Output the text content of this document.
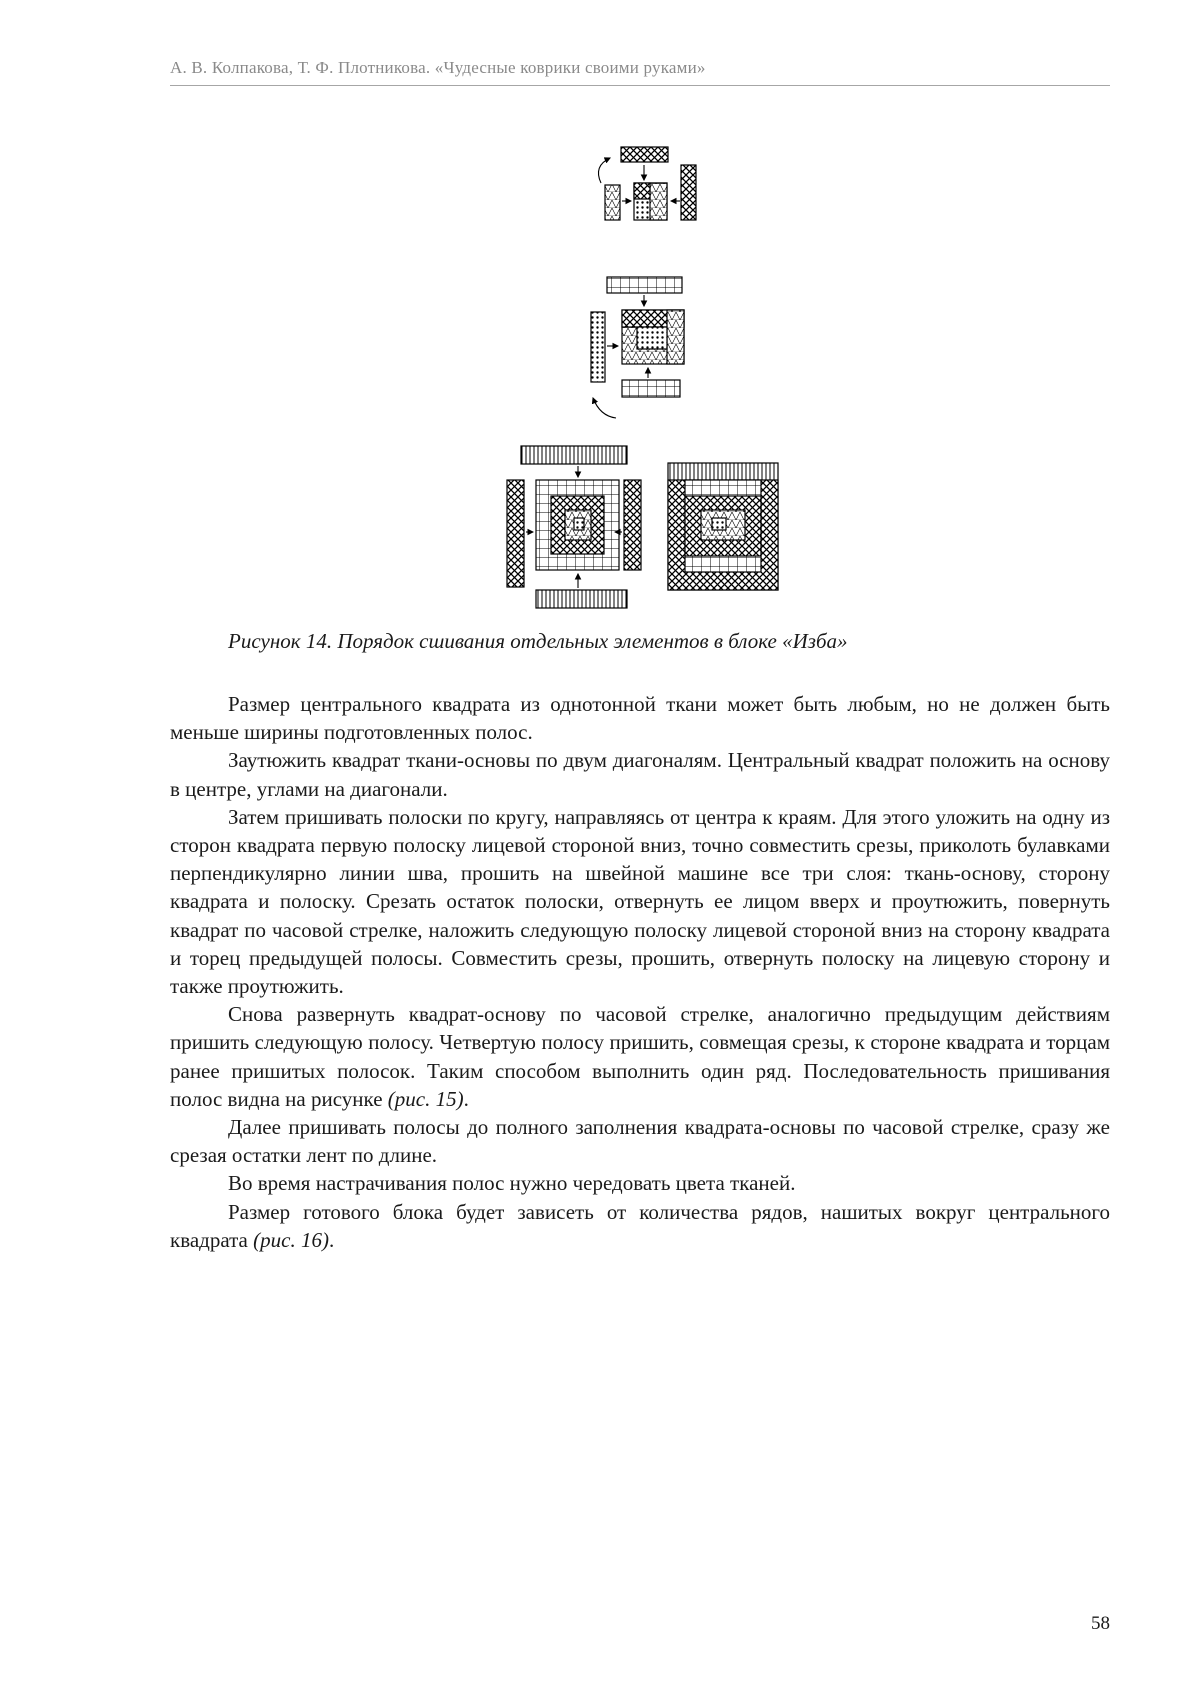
А. В. Колпакова, Т. Ф. Плотникова. «Чудесные коврики своими руками»
Рисунок 14. Порядок сшивания отдельных элементов в блоке «Изба»

Размер центрального квадрата из однотонной ткани может быть любым, но не должен быть меньше ширины подготовленных полос.

Заутюжить квадрат ткани-основы по двум диагоналям. Центральный квадрат положить на основу в центре, углами на диагонали.

Затем пришивать полоски по кругу, направляясь от центра к краям. Для этого уложить на одну из сторон квадрата первую полоску лицевой стороной вниз, точно совместить срезы, приколоть булавками перпендикулярно линии шва, прошить на швейной машине все три слоя: ткань-основу, сторону квадрата и полоску. Срезать остаток полоски, отвернуть ее лицом вверх и проутюжить, повернуть квадрат по часовой стрелке, наложить следующую полоску лицевой стороной вниз на сторону квадрата и торец предыдущей полосы. Совместить срезы, прошить, отвернуть полоску на лицевую сторону и также проутюжить.

Снова развернуть квадрат-основу по часовой стрелке, аналогично предыдущим действиям пришить следующую полосу. Четвертую полосу пришить, совмещая срезы, к стороне квадрата и торцам ранее пришитых полосок. Таким способом выполнить один ряд. Последовательность пришивания полос видна на рисунке (рис. 15).

Далее пришивать полосы до полного заполнения квадрата-основы по часовой стрелке, сразу же срезая остатки лент по длине.

Во время настрачивания полос нужно чередовать цвета тканей.

Размер готового блока будет зависеть от количества рядов, нашитых вокруг центрального квадрата (рис. 16).

58
